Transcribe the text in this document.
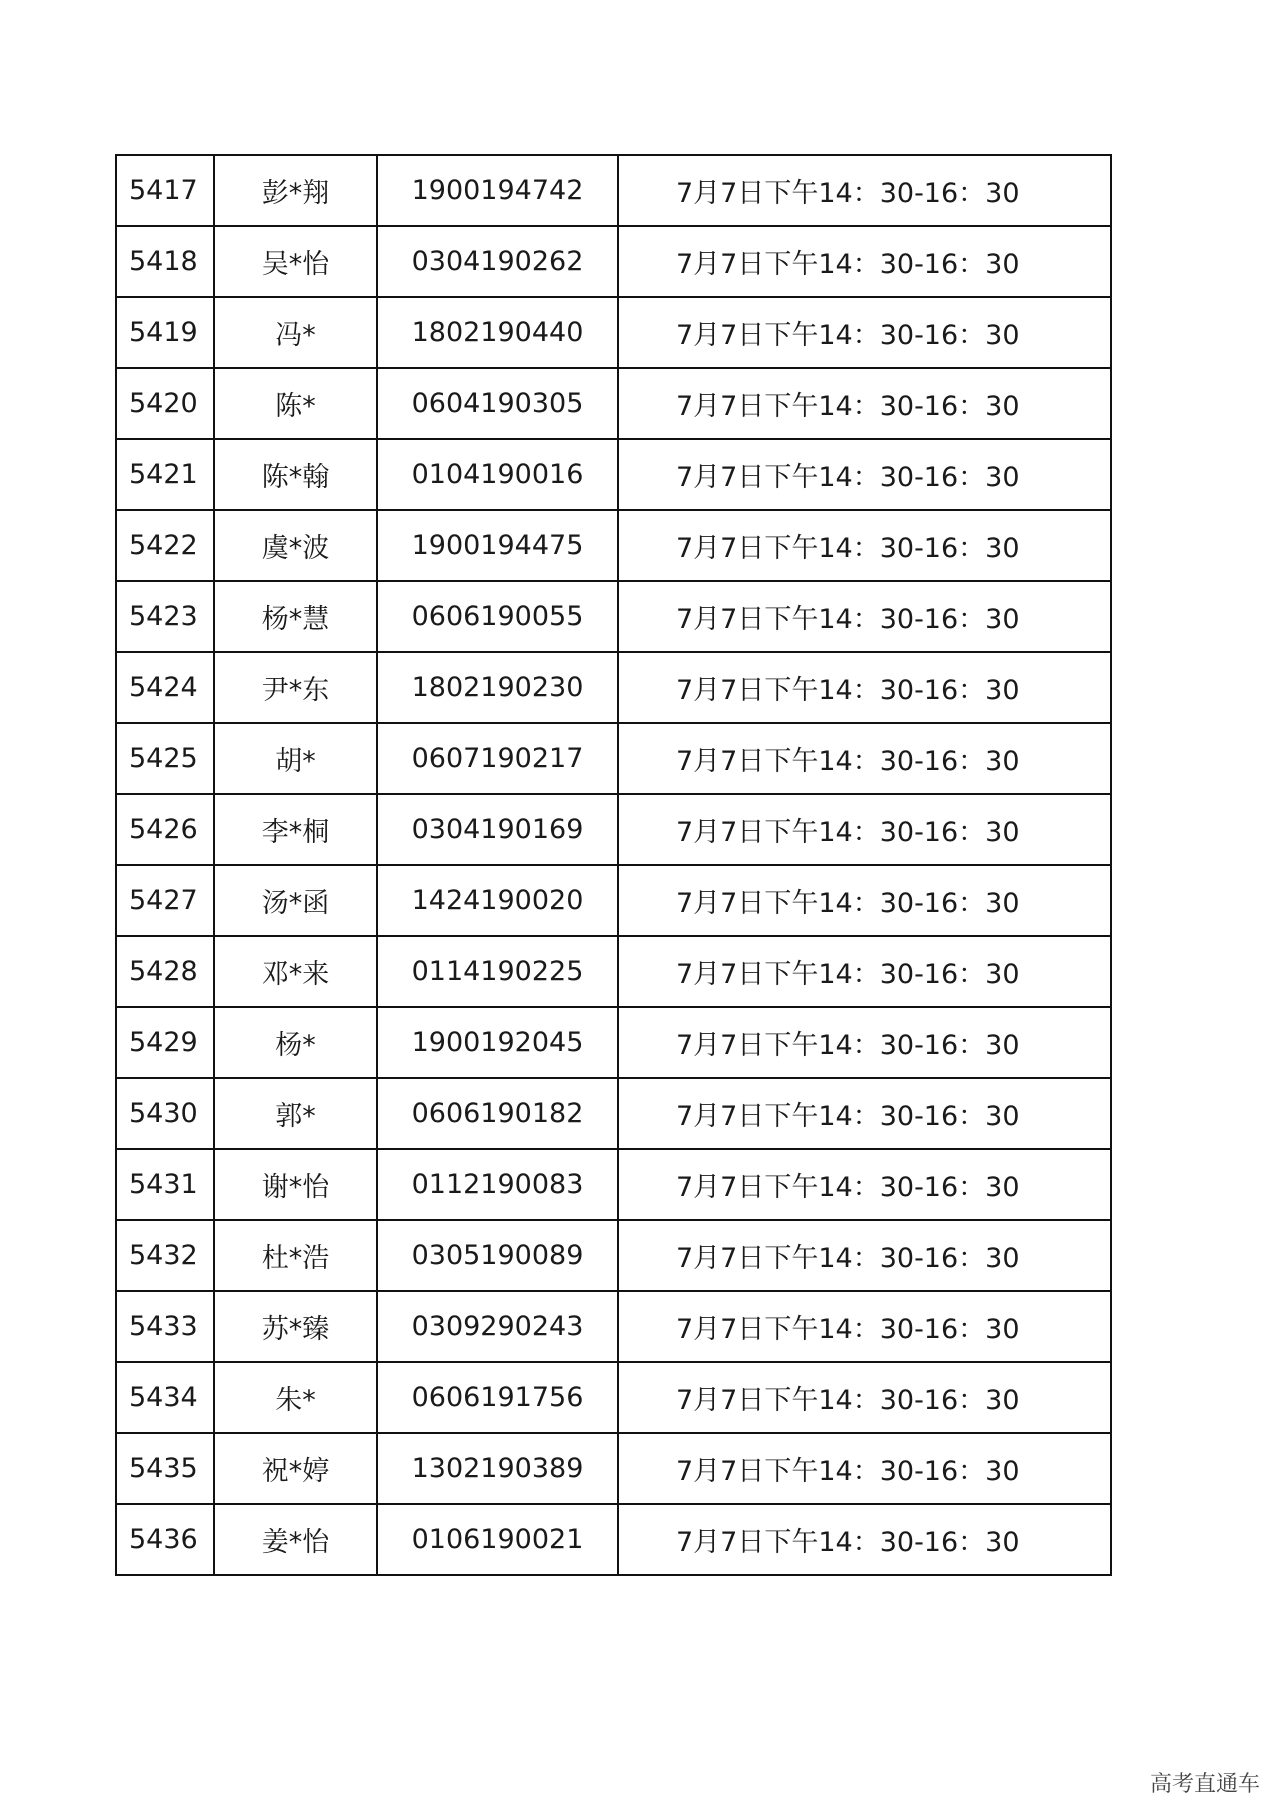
5417	彭*翔	1900194742	7月7日下午14：30-16：30
5418	吴*怡	0304190262	7月7日下午14：30-16：30
5419	冯*	1802190440	7月7日下午14：30-16：30
5420	陈*	0604190305	7月7日下午14：30-16：30
5421	陈*翰	0104190016	7月7日下午14：30-16：30
5422	虞*波	1900194475	7月7日下午14：30-16：30
5423	杨*慧	0606190055	7月7日下午14：30-16：30
5424	尹*东	1802190230	7月7日下午14：30-16：30
5425	胡*	0607190217	7月7日下午14：30-16：30
5426	李*桐	0304190169	7月7日下午14：30-16：30
5427	汤*函	1424190020	7月7日下午14：30-16：30
5428	邓*来	0114190225	7月7日下午14：30-16：30
5429	杨*	1900192045	7月7日下午14：30-16：30
5430	郭*	0606190182	7月7日下午14：30-16：30
5431	谢*怡	0112190083	7月7日下午14：30-16：30
5432	杜*浩	0305190089	7月7日下午14：30-16：30
5433	苏*臻	0309290243	7月7日下午14：30-16：30
5434	朱*	0606191756	7月7日下午14：30-16：30
5435	祝*婷	1302190389	7月7日下午14：30-16：30
5436	姜*怡	0106190021	7月7日下午14：30-16：30
高考直通车
